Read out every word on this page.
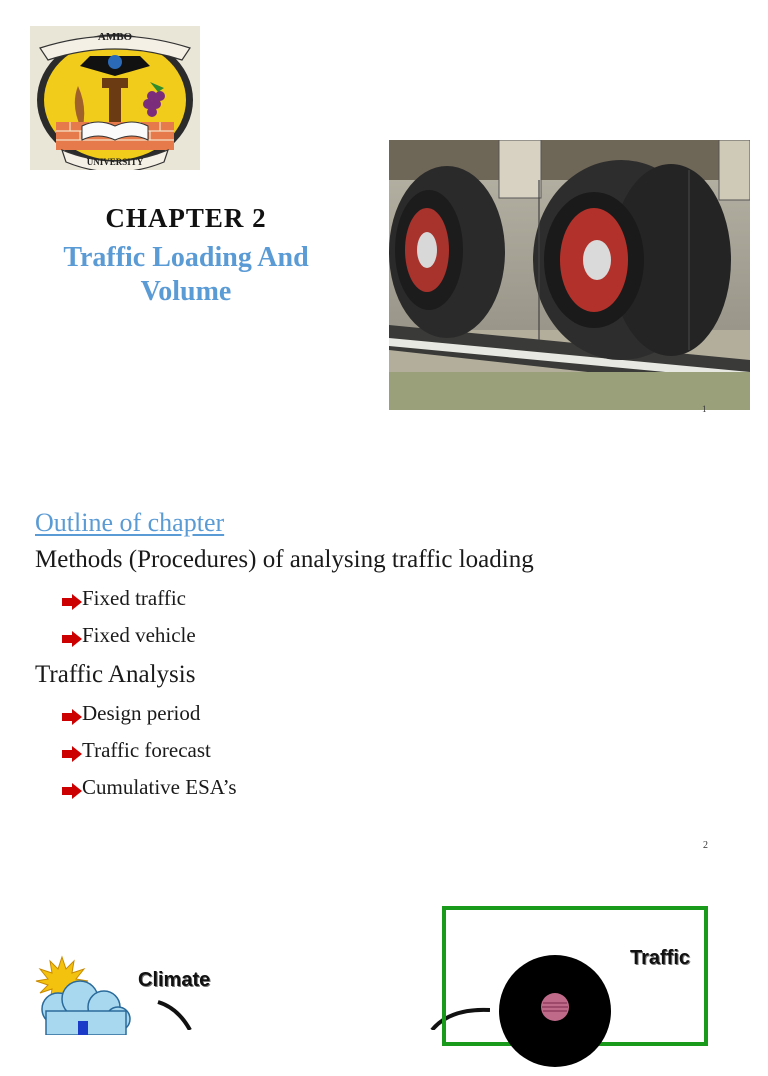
AMBO
UNIVERSITY
CHAPTER 2
Traffic Loading And
Volume
1
Outline of chapter
Methods (Procedures) of analysing traffic loading
Fixed traffic
Fixed vehicle
Traffic Analysis
Design period
Traffic forecast
Cumulative ESA’s
2
Climate
Traffic
